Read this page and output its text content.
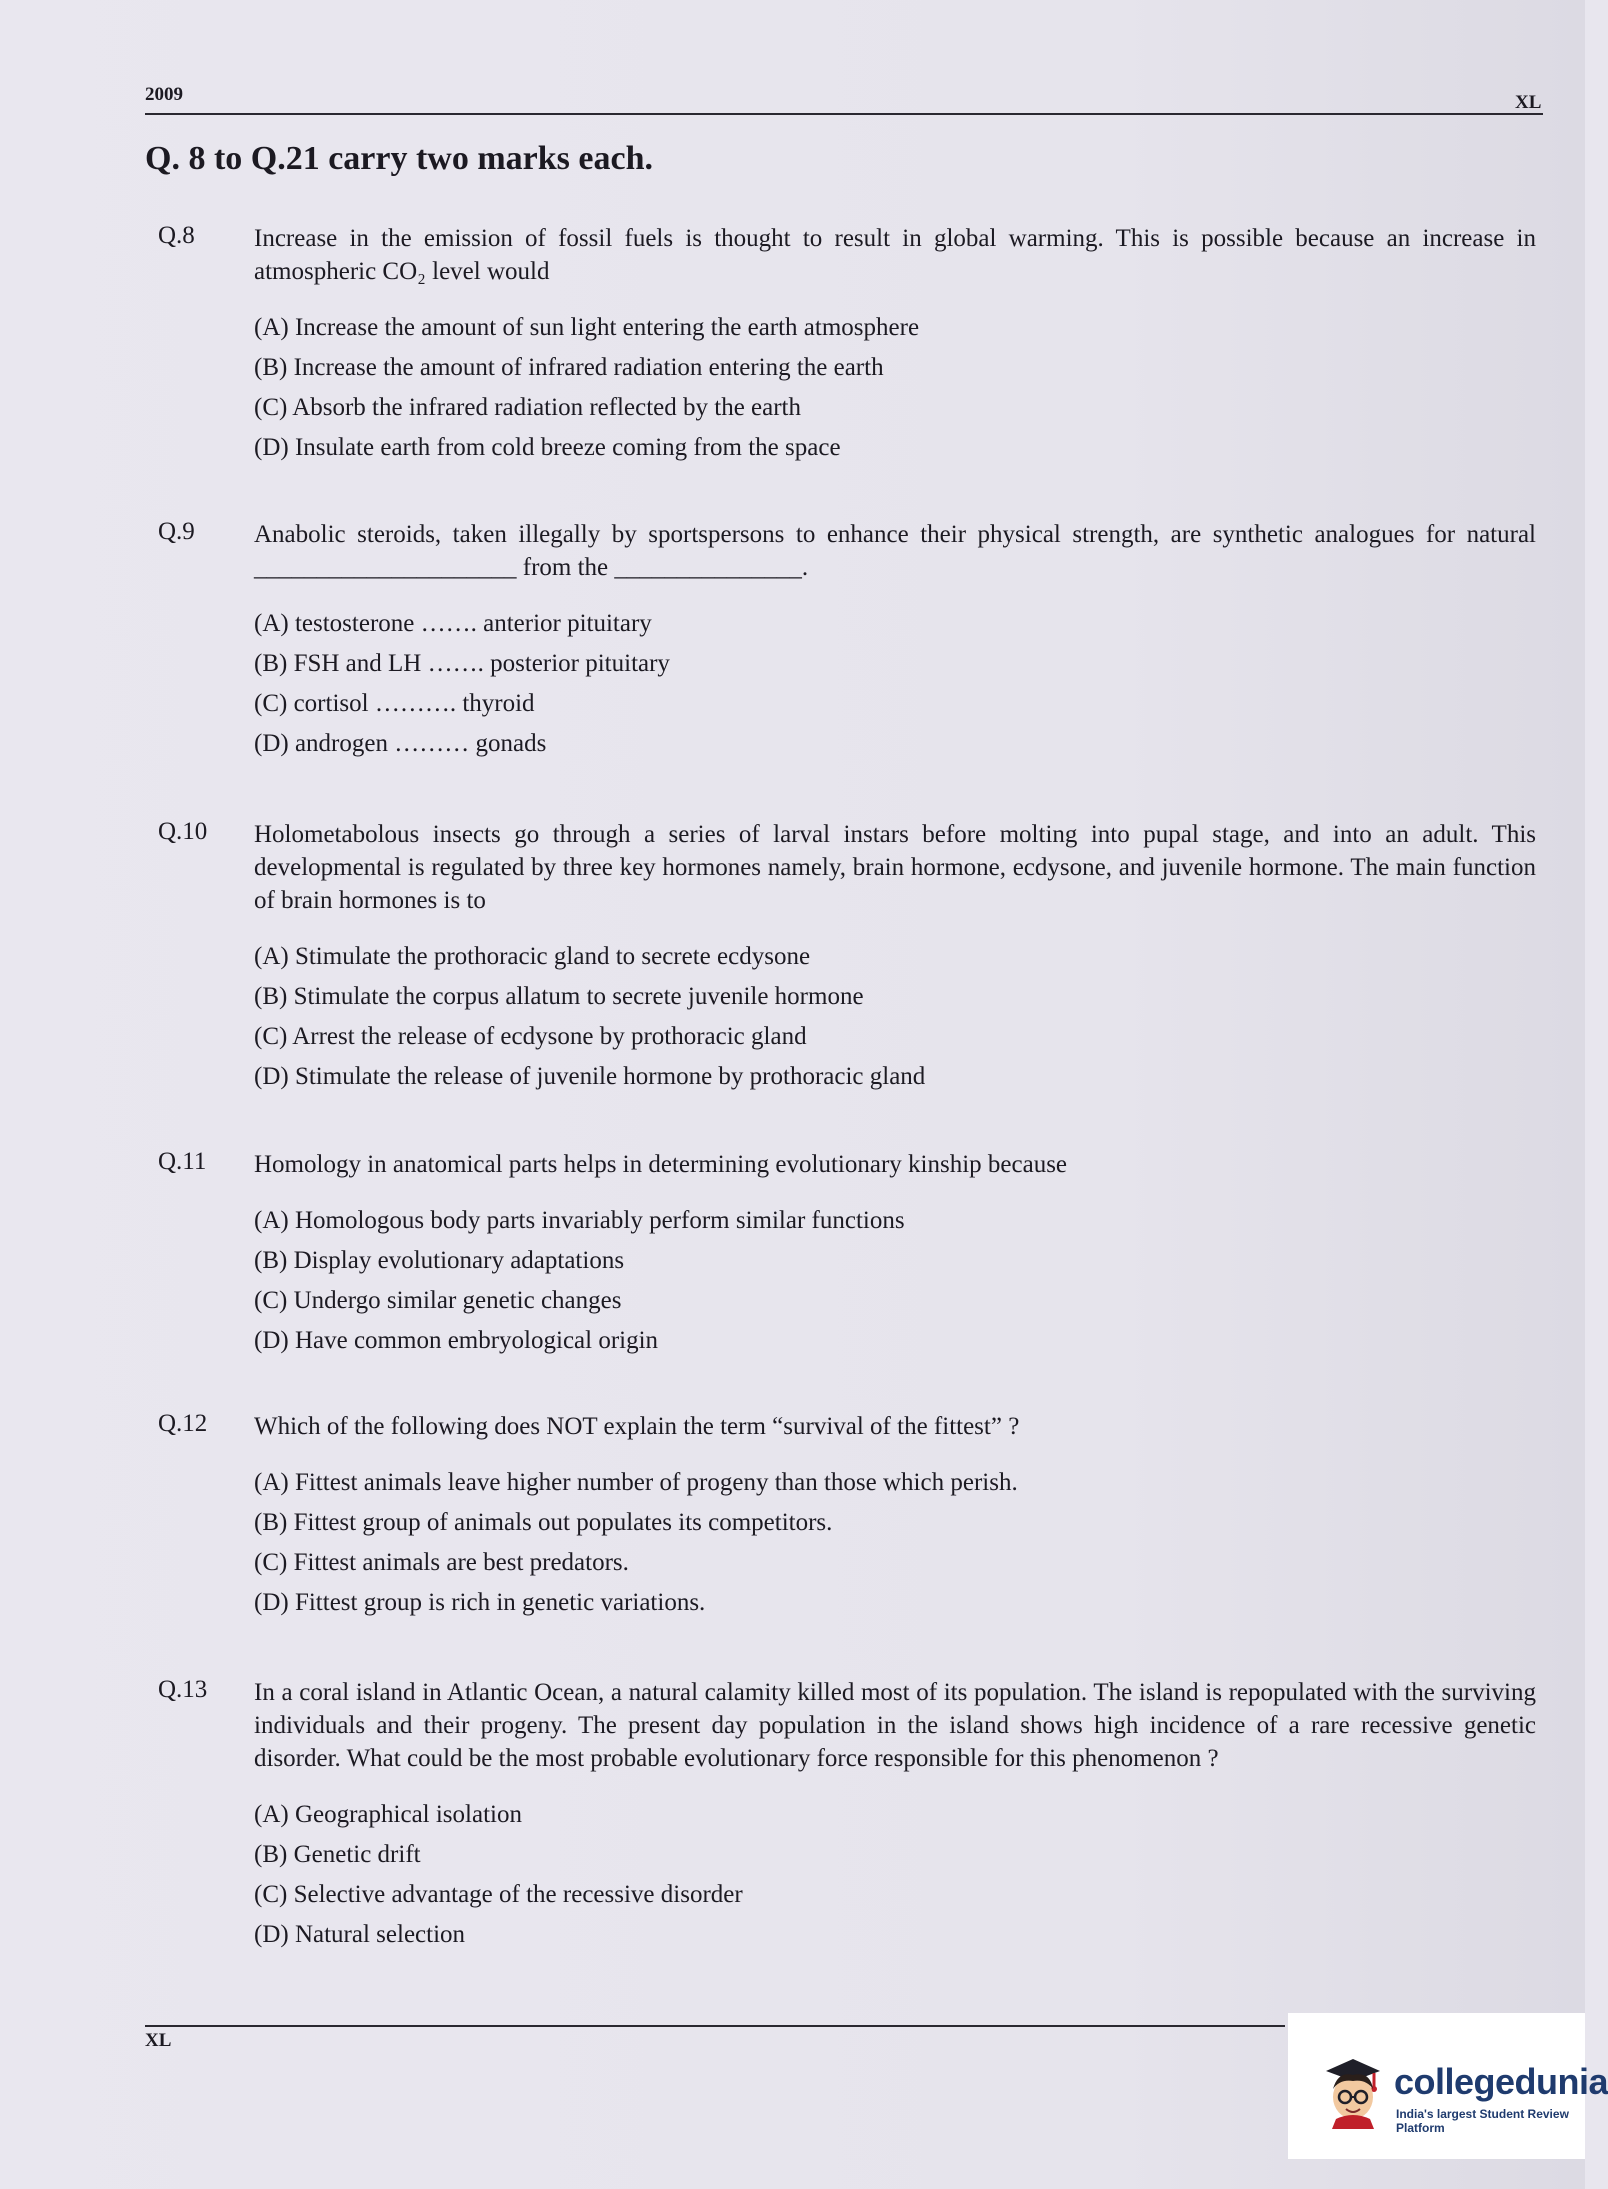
2009	XL
Q. 8 to Q.21 carry two marks each.
Q.8 Increase in the emission of fossil fuels is thought to result in global warming. This is possible because an increase in atmospheric CO₂ level would
(A) Increase the amount of sun light entering the earth atmosphere
(B) Increase the amount of infrared radiation entering the earth
(C) Absorb the infrared radiation reflected by the earth
(D) Insulate earth from cold breeze coming from the space
Q.9 Anabolic steroids, taken illegally by sportspersons to enhance their physical strength, are synthetic analogues for natural _____________________ from the _______________.
(A) testosterone ……. anterior pituitary
(B) FSH and LH ……. posterior pituitary
(C) cortisol ………. thyroid
(D) androgen ……… gonads
Q.10 Holometabolous insects go through a series of larval instars before molting into pupal stage, and into an adult. This developmental is regulated by three key hormones namely, brain hormone, ecdysone, and juvenile hormone. The main function of brain hormones is to
(A) Stimulate the prothoracic gland to secrete ecdysone
(B) Stimulate the corpus allatum to secrete juvenile hormone
(C) Arrest the release of ecdysone by prothoracic gland
(D) Stimulate the release of juvenile hormone by prothoracic gland
Q.11 Homology in anatomical parts helps in determining evolutionary kinship because
(A) Homologous body parts invariably perform similar functions
(B) Display evolutionary adaptations
(C) Undergo similar genetic changes
(D) Have common embryological origin
Q.12 Which of the following does NOT explain the term “survival of the fittest” ?
(A) Fittest animals leave higher number of progeny than those which perish.
(B) Fittest group of animals out populates its competitors.
(C) Fittest animals are best predators.
(D) Fittest group is rich in genetic variations.
Q.13 In a coral island in Atlantic Ocean, a natural calamity killed most of its population. The island is repopulated with the surviving individuals and their progeny. The present day population in the island shows high incidence of a rare recessive genetic disorder. What could be the most probable evolutionary force responsible for this phenomenon ?
(A) Geographical isolation
(B) Genetic drift
(C) Selective advantage of the recessive disorder
(D) Natural selection
XL
collegedunia
India's largest Student Review Platform
